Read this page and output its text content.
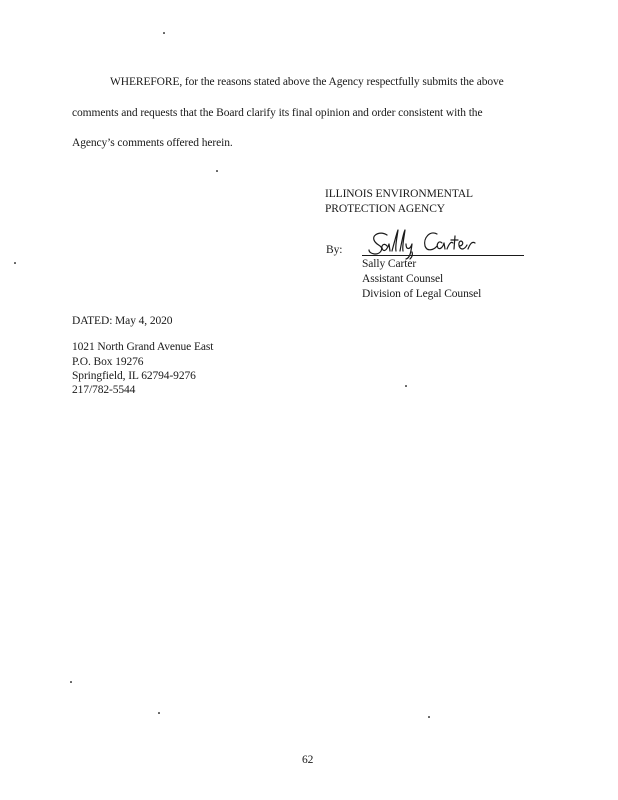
WHEREFORE, for the reasons stated above the Agency respectfully submits the above
comments and requests that the Board clarify its final opinion and order consistent with the
Agency’s comments offered herein.
ILLINOIS ENVIRONMENTAL
PROTECTION AGENCY
By:
Sally Carter
Assistant Counsel
Division of Legal Counsel
DATED: May 4, 2020
1021 North Grand Avenue East
P.O. Box 19276
Springfield, IL 62794-9276
217/782-5544
62
